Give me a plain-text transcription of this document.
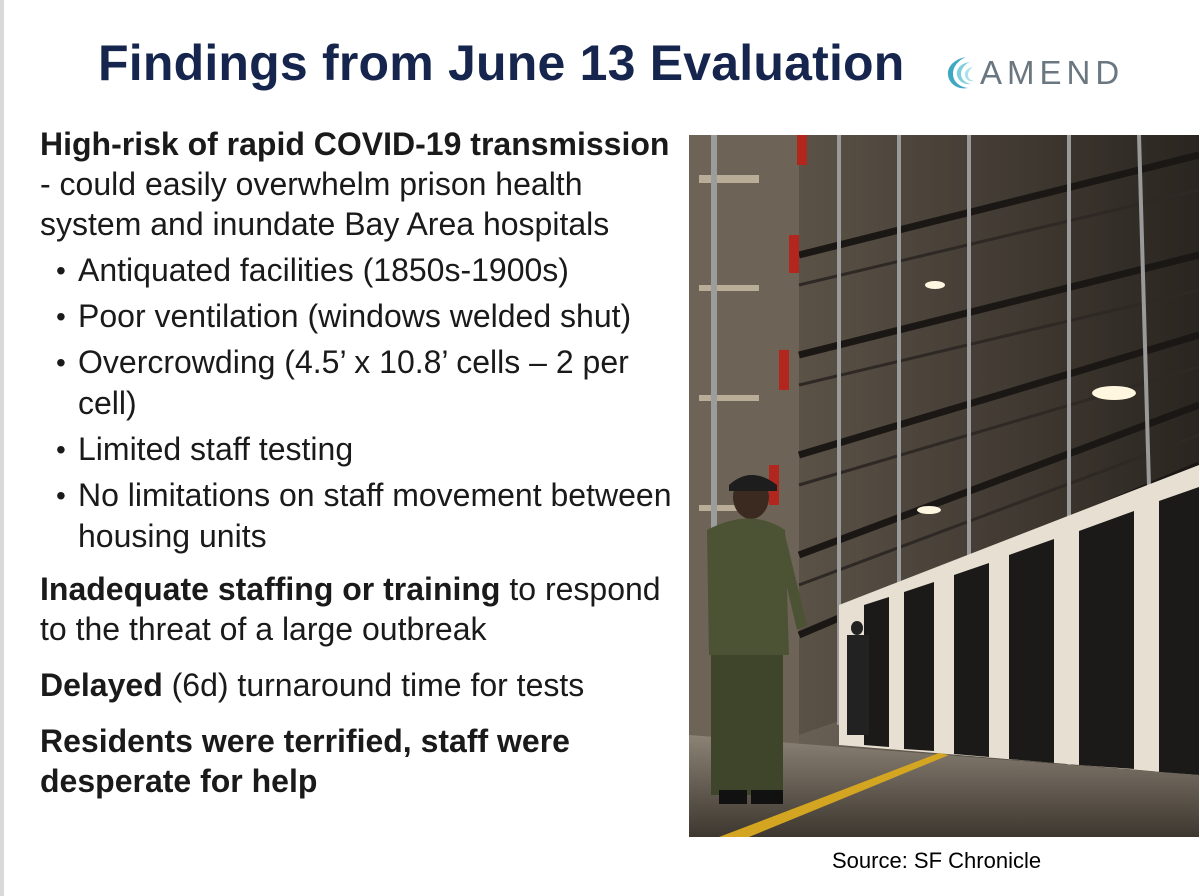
Findings from June 13 Evaluation AMEND

High-risk of rapid COVID-19 transmission - could easily overwhelm prison health system and inundate Bay Area hospitals

• Antiquated facilities (1850s-1900s)
• Poor ventilation (windows welded shut)
• Overcrowding (4.5’ x 10.8’ cells – 2 per cell)
• Limited staff testing
• No limitations on staff movement between housing units

Inadequate staffing or training to respond to the threat of a large outbreak

Delayed (6d) turnaround time for tests

Residents were terrified, staff were desperate for help

Source: SF Chronicle
